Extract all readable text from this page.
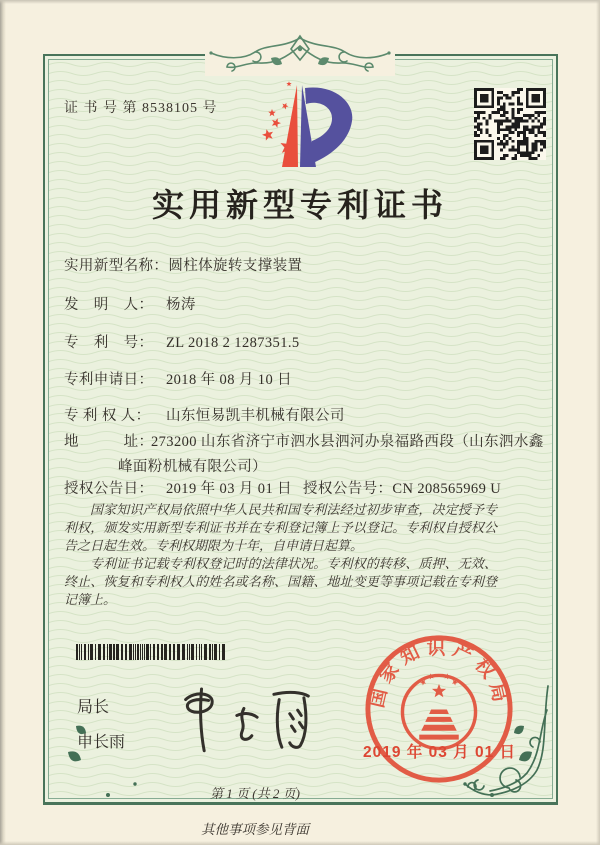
证 书 号 第 8538105 号
实用新型专利证书
实用新型名称：圆柱体旋转支撑装置
发　明　人： 杨涛
专　利　号： ZL 2018 2 1287351.5
专利申请日： 2018 年 08 月 10 日
专 利 权 人： 山东恒易凯丰机械有限公司
地　　　址：
273200 山东省济宁市泗水县泗河办泉福路西段（山东泗水鑫峰面粉机械有限公司）
授权公告日： 2019 年 03 月 01 日 授权公告号：CN 208565969 U

国家知识产权局依照中华人民共和国专利法经过初步审查，决定授予专利权，颁发实用新型专利证书并在专利登记簿上予以登记。专利权自授权公告之日起生效。专利权期限为十年，自申请日起算。

专利证书记载专利权登记时的法律状况。专利权的转移、质押、无效、终止、恢复和专利权人的姓名或名称、国籍、地址变更等事项记载在专利登记簿上。

局长
申长雨
国家知识产权局
2019 年 03 月 01 日
第 1 页 (共 2 页)
其他事项参见背面
